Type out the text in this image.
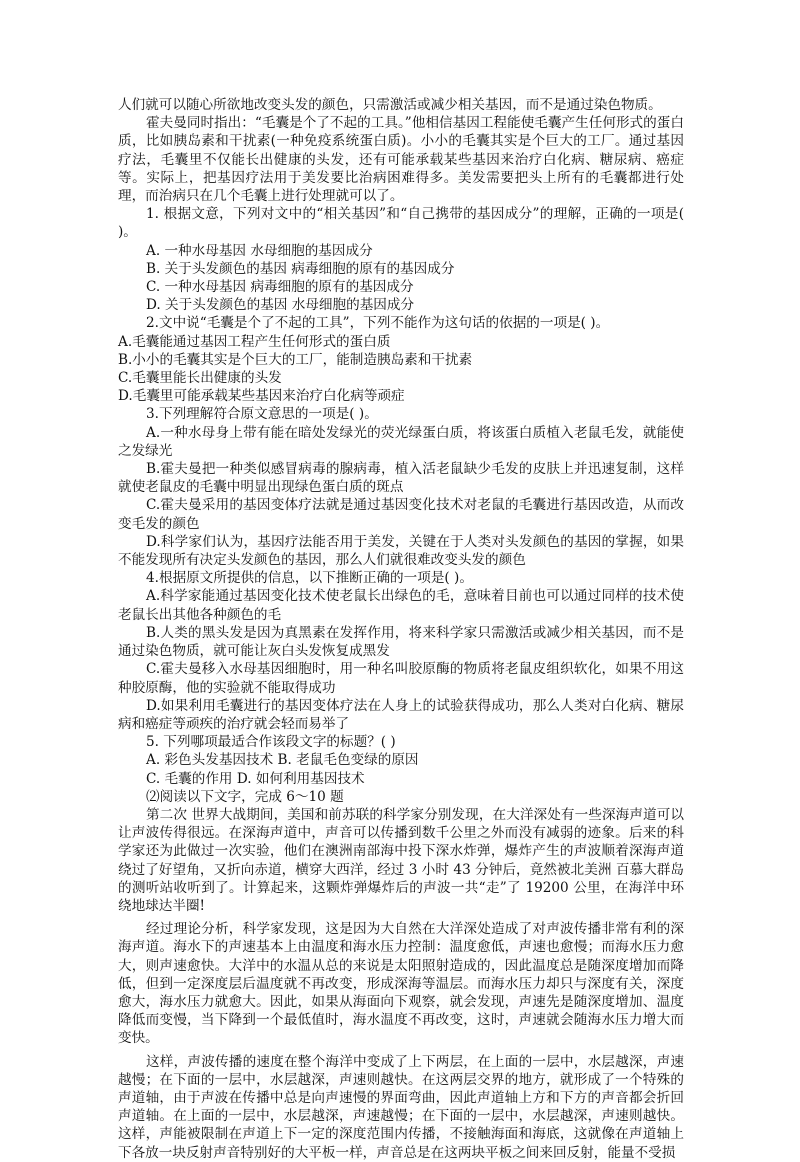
人们就可以随心所欲地改变头发的颜色，只需激活或减少相关基因，而不是通过染色物质。

霍夫曼同时指出：“毛囊是个了不起的工具。”他相信基因工程能使毛囊产生任何形式的蛋白质，比如胰岛素和干扰素(一种免疫系统蛋白质)。小小的毛囊其实是个巨大的工厂。通过基因疗法，毛囊里不仅能长出健康的头发，还有可能承载某些基因来治疗白化病、糖尿病、癌症等。实际上，把基因疗法用于美发要比治病困难得多。美发需要把头上所有的毛囊都进行处理，而治病只在几个毛囊上进行处理就可以了。

1. 根据文意，下列对文中的“相关基因”和“自己携带的基因成分”的理解，正确的一项是( )。

A. 一种水母基因 水母细胞的基因成分

B. 关于头发颜色的基因 病毒细胞的原有的基因成分

C. 一种水母基因 病毒细胞的原有的基因成分

D. 关于头发颜色的基因 水母细胞的基因成分

2.文中说“毛囊是个了不起的工具”，下列不能作为这句话的依据的一项是( )。

A.毛囊能通过基因工程产生任何形式的蛋白质

B.小小的毛囊其实是个巨大的工厂，能制造胰岛素和干扰素

C.毛囊里能长出健康的头发

D.毛囊里可能承载某些基因来治疗白化病等顽症

3.下列理解符合原文意思的一项是( )。

A.一种水母身上带有能在暗处发绿光的荧光绿蛋白质，将该蛋白质植入老鼠毛发，就能使之发绿光

B.霍夫曼把一种类似感冒病毒的腺病毒，植入活老鼠缺少毛发的皮肤上并迅速复制，这样就使老鼠皮的毛囊中明显出现绿色蛋白质的斑点

C.霍夫曼采用的基因变体疗法就是通过基因变化技术对老鼠的毛囊进行基因改造，从而改变毛发的颜色

D.科学家们认为，基因疗法能否用于美发，关键在于人类对头发颜色的基因的掌握，如果不能发现所有决定头发颜色的基因，那么人们就很难改变头发的颜色

4.根据原文所提供的信息，以下推断正确的一项是( )。

A.科学家能通过基因变化技术使老鼠长出绿色的毛，意味着目前也可以通过同样的技术使老鼠长出其他各种颜色的毛

B.人类的黑头发是因为真黑素在发挥作用，将来科学家只需激活或减少相关基因，而不是通过染色物质，就可能让灰白头发恢复成黑发

C.霍夫曼移入水母基因细胞时，用一种名叫胶原酶的物质将老鼠皮组织软化，如果不用这种胶原酶，他的实验就不能取得成功

D.如果利用毛囊进行的基因变体疗法在人身上的试验获得成功，那么人类对白化病、糖尿病和癌症等顽疾的治疗就会轻而易举了

5. 下列哪项最适合作该段文字的标题？( )

A. 彩色头发基因技术 B. 老鼠毛色变绿的原因

C. 毛囊的作用 D. 如何利用基因技术

⑵阅读以下文字，完成 6～10 题

第二次 世界大战期间，美国和前苏联的科学家分别发现，在大洋深处有一些深海声道可以让声波传得很远。在深海声道中，声音可以传播到数千公里之外而没有减弱的迹象。后来的科学家还为此做过一次实验，他们在澳洲南部海中投下深水炸弹，爆炸产生的声波顺着深海声道绕过了好望角，又折向赤道，横穿大西洋，经过 3 小时 43 分钟后，竟然被北美洲 百慕大群岛的测听站收听到了。计算起来，这颗炸弹爆炸后的声波一共“走”了 19200 公里，在海洋中环绕地球达半圈!

经过理论分析，科学家发现，这是因为大自然在大洋深处造成了对声波传播非常有利的深海声道。海水下的声速基本上由温度和海水压力控制：温度愈低，声速也愈慢；而海水压力愈大，则声速愈快。大洋中的水温从总的来说是太阳照射造成的，因此温度总是随深度增加而降低，但到一定深度层后温度就不再改变，形成深海等温层。而海水压力却只与深度有关，深度愈大，海水压力就愈大。因此，如果从海面向下观察，就会发现，声速先是随深度增加、温度降低而变慢，当下降到一个最低值时，海水温度不再改变，这时，声速就会随海水压力增大而变快。

这样，声波传播的速度在整个海洋中变成了上下两层，在上面的一层中，水层越深，声速越慢；在下面的一层中，水层越深，声速则越快。在这两层交界的地方，就形成了一个特殊的声道轴，由于声波在传播中总是向声速慢的界面弯曲，因此声道轴上方和下方的声音都会折回声道轴。在上面的一层中，水层越深，声速越慢；在下面的一层中，水层越深，声速则越快。这样，声能被限制在声道上下一定的深度范围内传播，不接触海面和海底，这就像在声道轴上下各放一块反射声音特别好的大平板一样，声音总是在这两块平板之间来回反射，能量不受损
